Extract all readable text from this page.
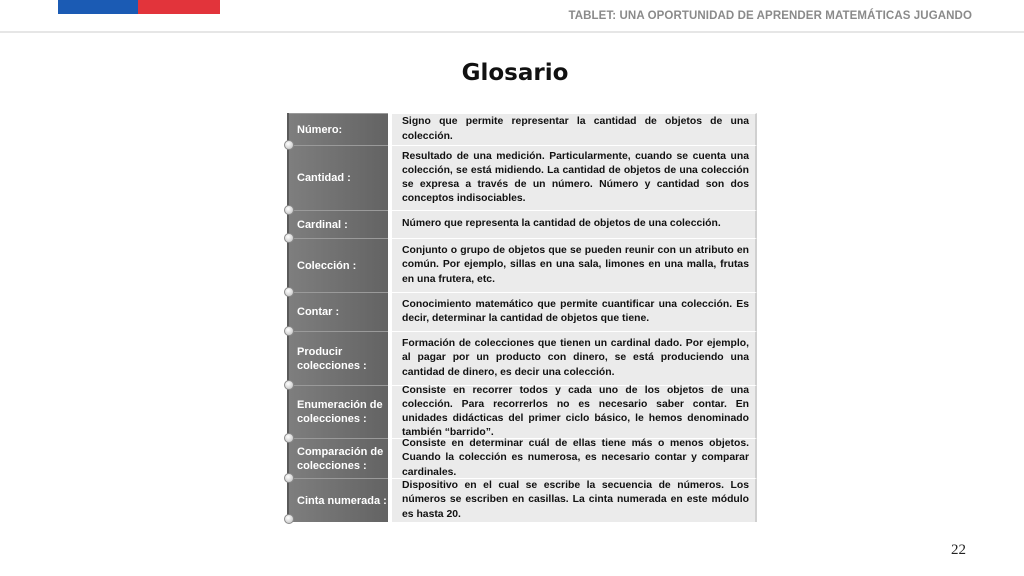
TABLET: UNA OPORTUNIDAD DE APRENDER MATEMÁTICAS JUGANDO
Glosario
Número:
Signo que permite representar la cantidad de objetos de una colección.
Cantidad :
Resultado de una medición. Particularmente, cuando se cuenta una colección, se está midiendo. La cantidad de objetos de una colección se expresa a través de un número. Número y cantidad son dos conceptos indisociables.
Cardinal :	Número que representa la cantidad de objetos de una colección.
Colección :
Conjunto o grupo de objetos que se pueden reunir con un atributo en común. Por ejemplo, sillas en una sala, limones en una malla, frutas en una frutera, etc.
Contar :
Conocimiento matemático que permite cuantificar una colección. Es decir, determinar la cantidad de objetos que tiene.
Producir colecciones :
Formación de colecciones que tienen un cardinal dado. Por ejemplo, al pagar por un producto con dinero, se está produciendo una cantidad de dinero, es decir una colección.
Enumeración de colecciones :
Consiste en recorrer todos y cada uno de los objetos de una colección. Para recorrerlos no es necesario saber contar. En unidades didácticas del primer ciclo básico, le hemos denominado también “barrido”.
Comparación de colecciones :
Consiste en determinar cuál de ellas tiene más o menos objetos. Cuando la colección es numerosa, es necesario contar y comparar cardinales.
Cinta numerada :
Dispositivo en el cual se escribe la secuencia de números. Los números se escriben en casillas. La cinta numerada en este módulo es hasta 20.
22
